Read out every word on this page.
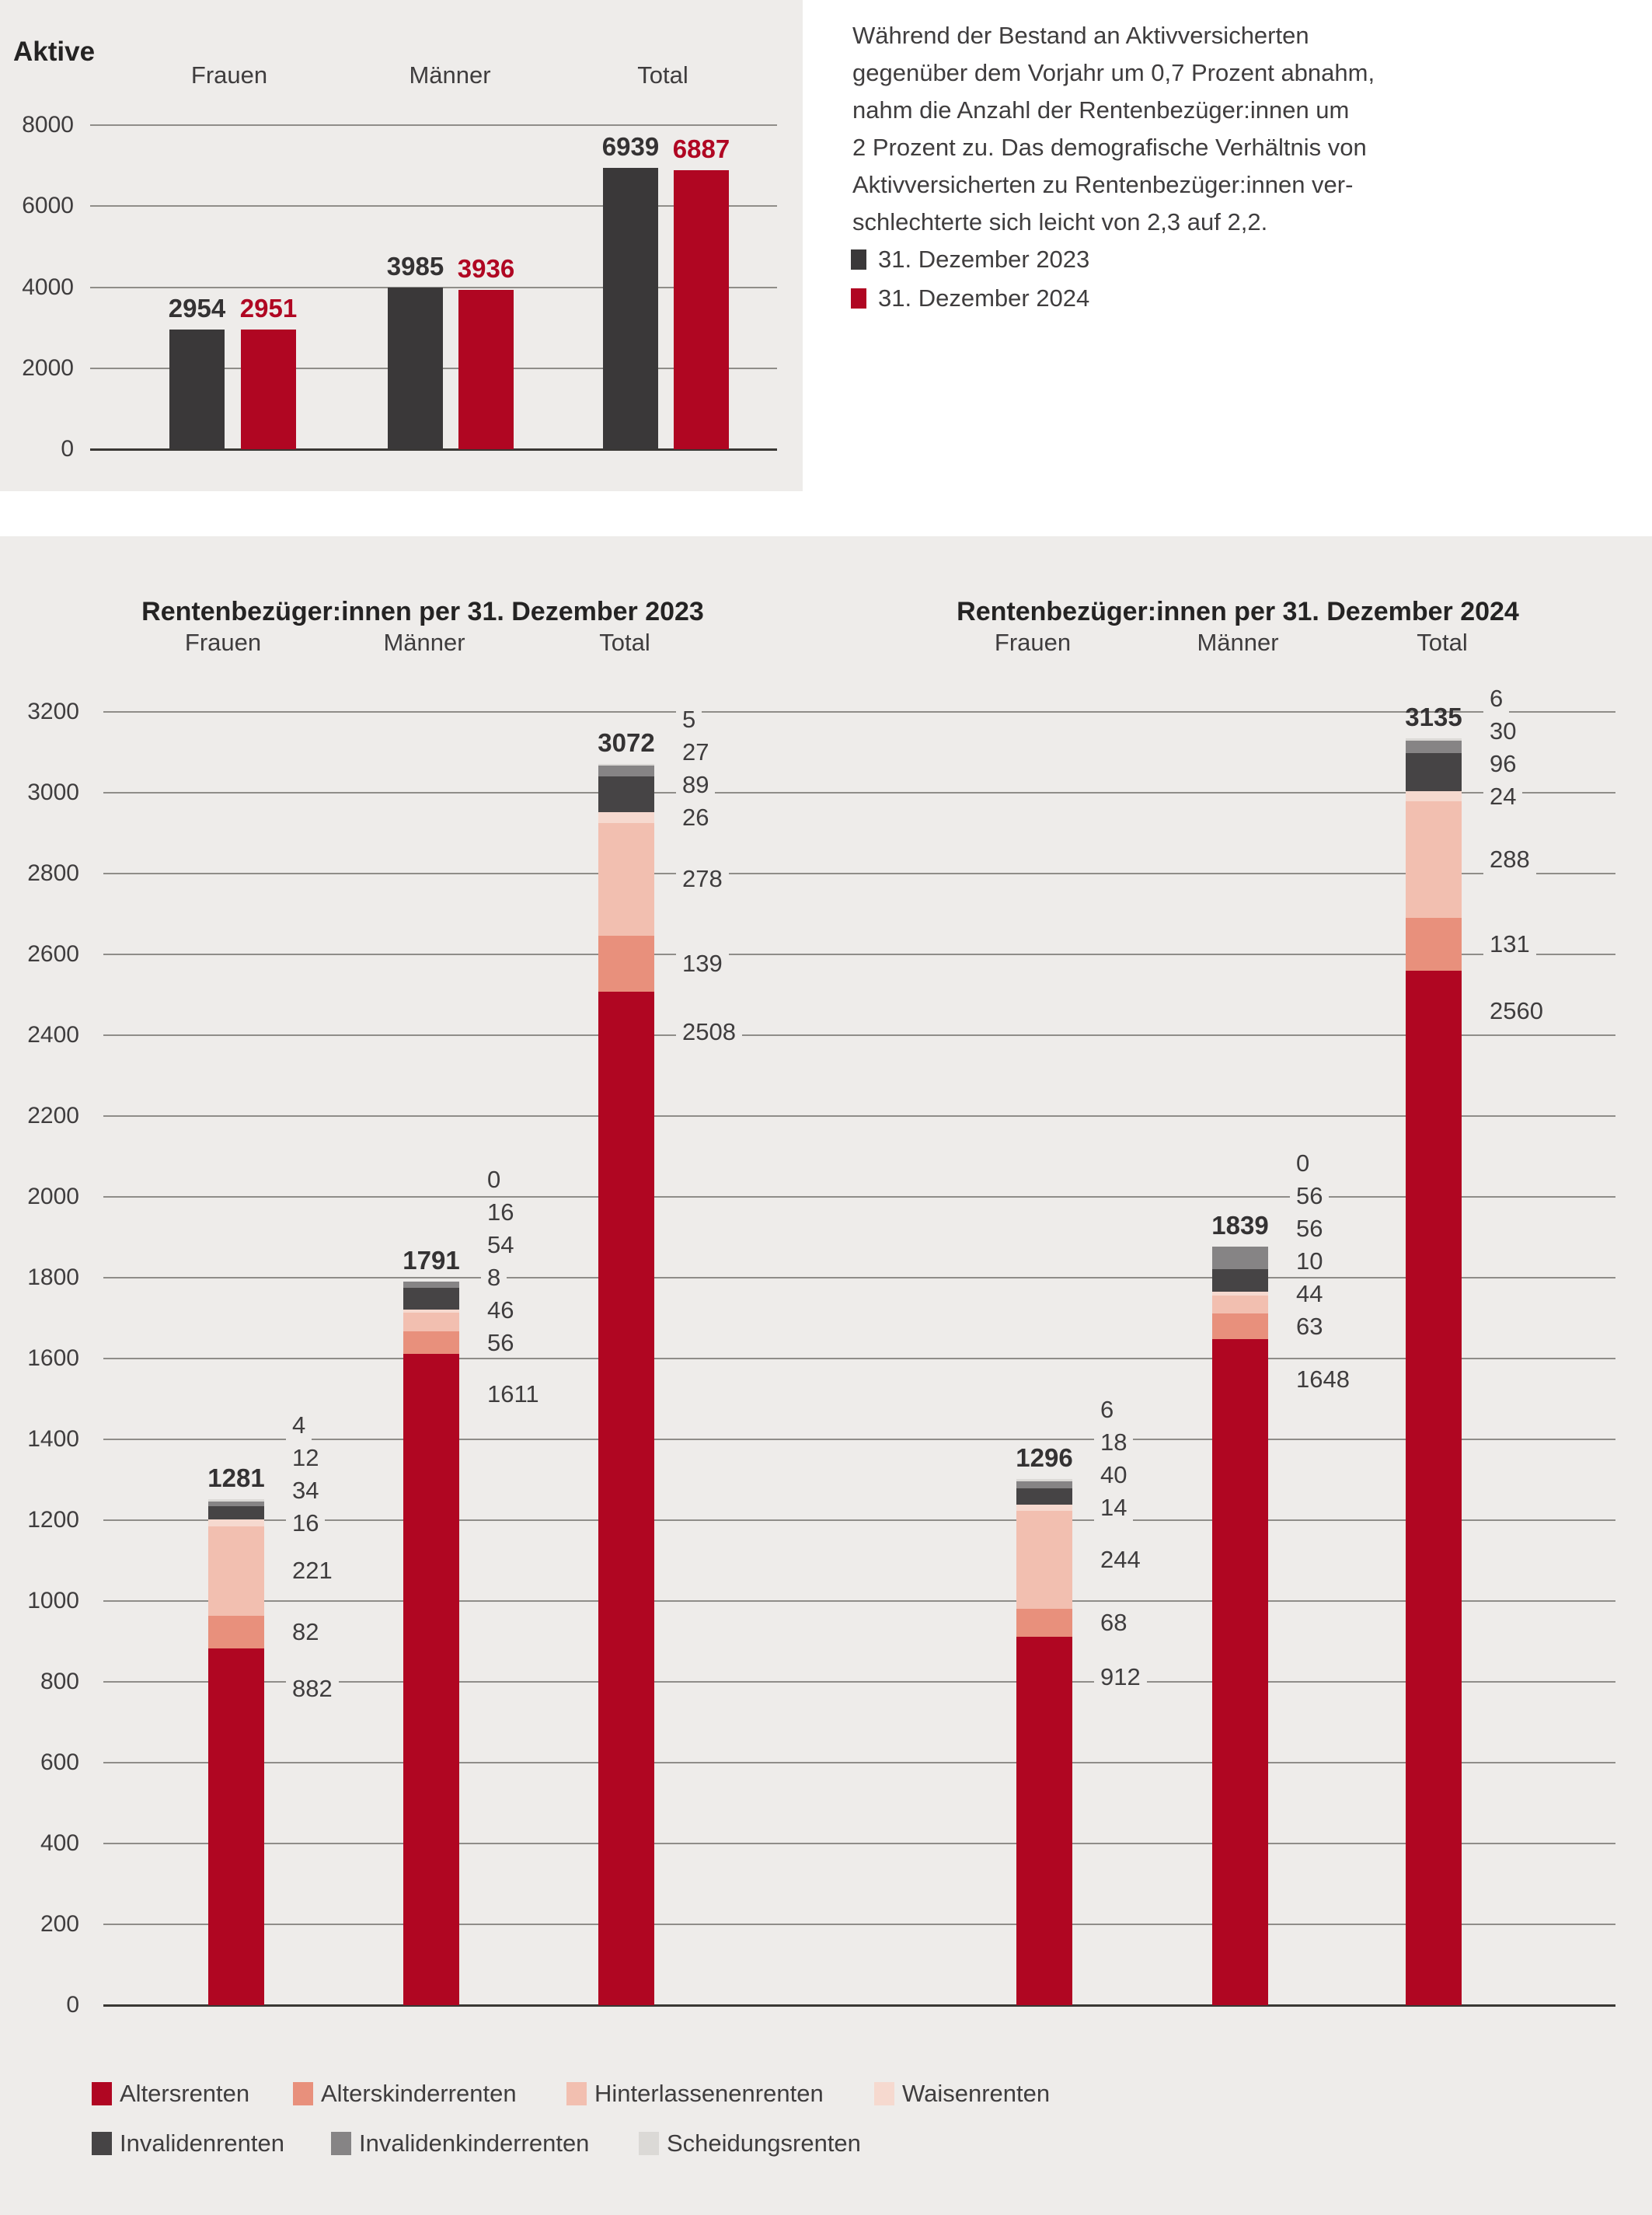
Aktive
0
2000
4000
6000
8000
Frauen	Männer	Total
2954
3985
6939
2951
3936
6887
Während der Bestand an Aktivversicherten
gegenüber dem Vorjahr um 0,7 Prozent abnahm,
nahm die Anzahl der Rentenbezüger:innen um
2 Prozent zu. Das demografische Verhältnis von
Aktivversicherten zu Rentenbezüger:innen ver-
schlechterte sich leicht von 2,3 auf 2,2.
31. Dezember 2023
31. Dezember 2024
Rentenbezüger:innen per 31. Dezember 2023	Rentenbezüger:innen per 31. Dezember 2024
0
200
400
600
800
1000
1200
1400
1600
1800
2000
2200
2400
2600
2800
3000
3200
Frauen	Männer	Total
1281
882
82
221
16
34
12
4
1791
1611
56
46
8
54
16
0
3072
2508
139
278
26
89
27
5
Frauen	Männer	Total
1296
912
68
244
14
40
18
6
1839
1648
63
44
10
56
56
0
3135
2560
131
288
24
96
30
6
Altersrenten	Alterskinderrenten	Hinterlassenenrenten	Waisenrenten
Invalidenrenten	Invalidenkinderrenten	Scheidungsrenten
